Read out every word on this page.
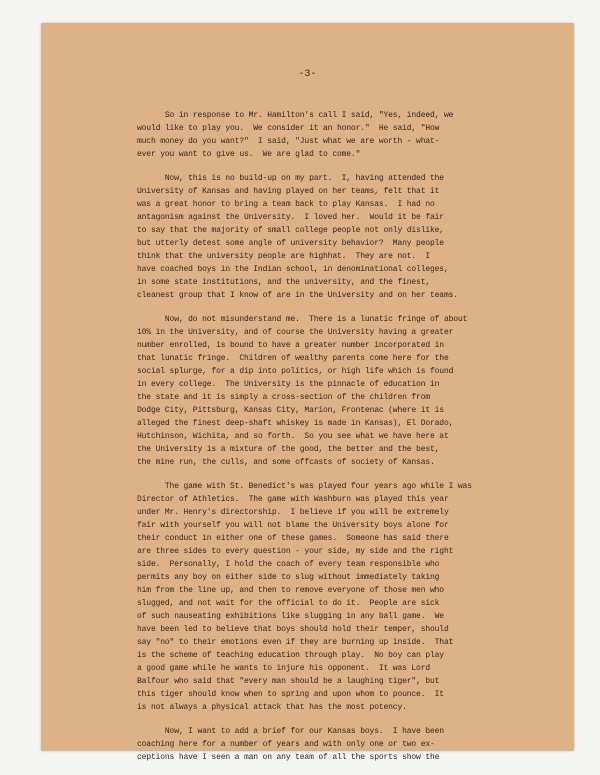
-3-
So in response to Mr. Hamilton's call I said, "Yes, indeed, we
would like to play you.  We consider it an honor."  He said, "How
much money do you want?"  I said, "Just what we are worth - what-
ever you want to give us.  We are glad to come."
Now, this is no build-up on my part.  I, having attended the
University of Kansas and having played on her teams, felt that it
was a great honor to bring a team back to play Kansas.  I had no
antagonism against the University.  I loved her.  Would it be fair
to say that the majority of small college people not only dislike,
but utterly detest some angle of university behavior?  Many people
think that the university people are highhat.  They are not.  I
have coached boys in the Indian school, in denominational colleges,
in some state institutions, and the university, and the finest,
cleanest group that I know of are in the University and on her teams.
Now, do not misunderstand me.  There is a lunatic fringe of about
10% in the University, and of course the University having a greater
number enrolled, is bound to have a greater number incorporated in
that lunatic fringe.  Children of wealthy parents come here for the
social splurge, for a dip into politics, or high life which is found
in every college.  The University is the pinnacle of education in
the state and it is simply a cross-section of the children from
Dodge City, Pittsburg, Kansas City, Marion, Frontenac (where it is
alleged the finest deep-shaft whiskey is made in Kansas), El Dorado,
Hutchinson, Wichita, and so forth.  So you see what we have here at
the University is a mixture of the good, the better and the best,
the mine run, the culls, and some offcasts of society of Kansas.
The game with St. Benedict's was played four years ago while I was
Director of Athletics.  The game with Washburn was played this year
under Mr. Henry's directorship.  I believe if you will be extremely
fair with yourself you will not blame the University boys alone for
their conduct in either one of these games.  Someone has said there
are three sides to every question - your side, my side and the right
side.  Personally, I hold the coach of every team responsible who
permits any boy on either side to slug without immediately taking
him from the line up, and then to remove everyone of those men who
slugged, and not wait for the official to do it.  People are sick
of such nauseating exhibitions like slugging in any ball game.  We
have been led to believe that boys should hold their temper, should
say "no" to their emotions even if they are burning up inside.  That
is the scheme of teaching education through play.  No boy can play
a good game while he wants to injure his opponent.  It was Lord
Balfour who said that "every man should be a laughing tiger", but
this tiger should know when to spring and upon whom to pounce.  It
is not always a physical attack that has the most potency.
Now, I want to add a brief for our Kansas boys.  I have been
coaching here for a number of years and with only one or two ex-
ceptions have I seen a man on any team of all the sports show the
